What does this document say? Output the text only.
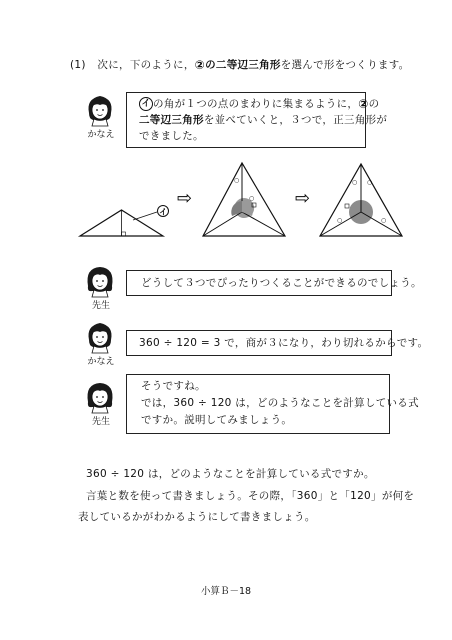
(1) 次に，下のように，②の二等辺三角形を選んで形をつくります。
かなえ
イ の角が１つの点のまわりに集まるように，②の
二等辺三角形を並べていくと，３つで，正三角形が
できました。
イ
⇨
○
○ ⇨
○ ○
○	○
先生
どうして３つでぴったりつくることができるのでしょう。
かなえ
360 ÷ 120 = 3 で，商が３になり，わり切れるからです。
先生
そうですね。
では，360 ÷ 120 は，どのようなことを計算している式
ですか。説明してみましょう。
360 ÷ 120 は，どのようなことを計算している式ですか。
言葉と数を使って書きましょう。その際，「360」と「120」が何を
表しているかがわかるようにして書きましょう。
小算Ｂ－18
